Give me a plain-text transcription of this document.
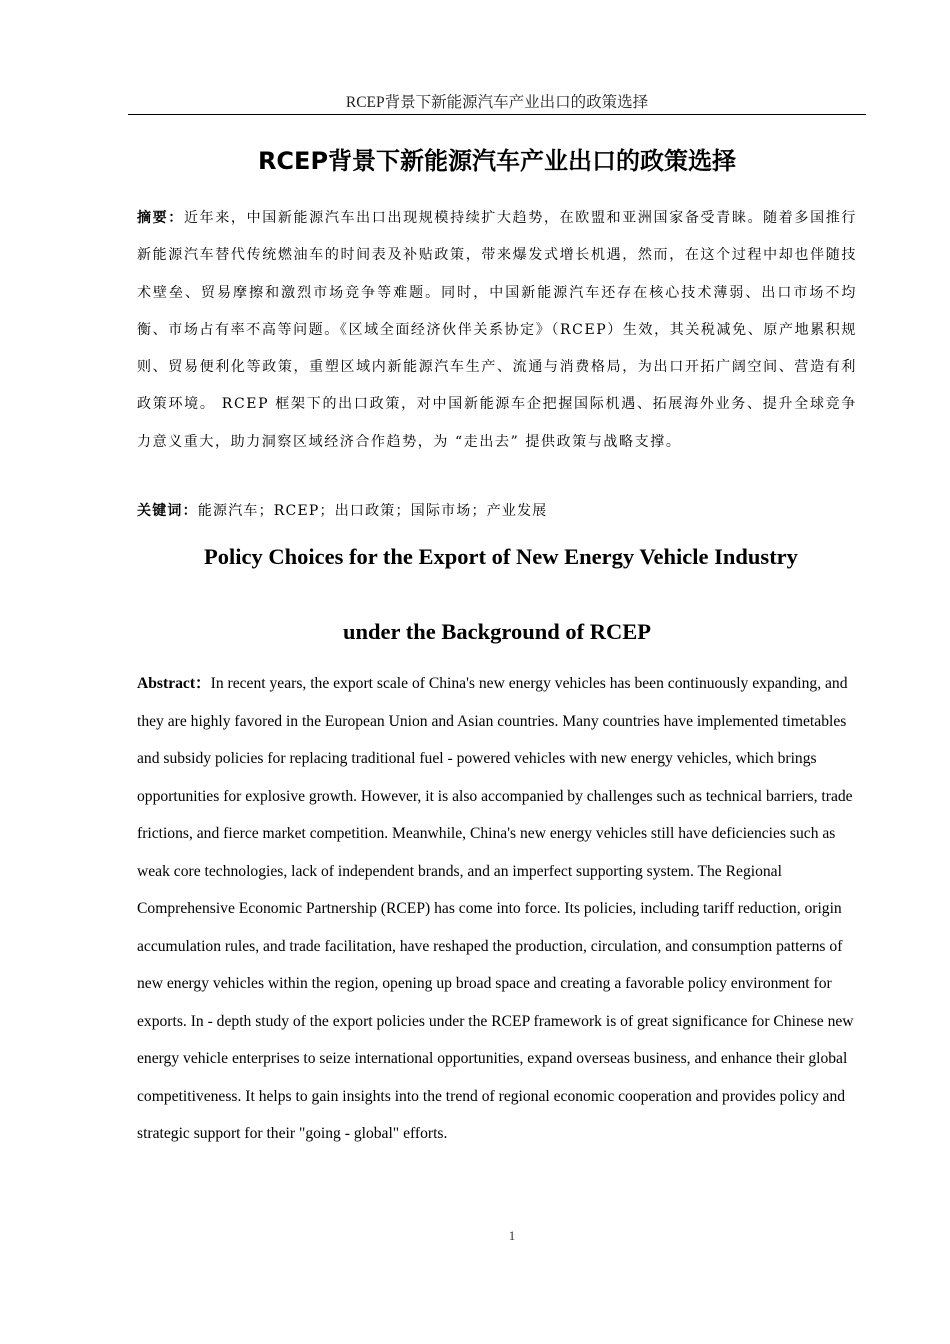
RCEP背景下新能源汽车产业出口的政策选择
RCEP背景下新能源汽车产业出口的政策选择

摘要：近年来，中国新能源汽车出口出现规模持续扩大趋势，在欧盟和亚洲国家备受青睐。随着多国推行新能源汽车替代传统燃油车的时间表及补贴政策，带来爆发式增长机遇，然而，在这个过程中却也伴随技术壁垒、贸易摩擦和激烈市场竞争等难题。同时，中国新能源汽车还存在核心技术薄弱、出口市场不均衡、市场占有率不高等问题。《区域全面经济伙伴关系协定》（RCEP）生效，其关税减免、原产地累积规则、贸易便利化等政策，重塑区域内新能源汽车生产、流通与消费格局，为出口开拓广阔空间、营造有利政策环境。 RCEP 框架下的出口政策，对中国新能源车企把握国际机遇、拓展海外业务、提升全球竞争力意义重大，助力洞察区域经济合作趋势，为 “走出去” 提供政策与战略支撑。

关键词：能源汽车；RCEP；出口政策；国际市场；产业发展

Policy Choices for the Export of New Energy Vehicle Industry
under the Background of RCEP

Abstract：In recent years, the export scale of China's new energy vehicles has been continuously expanding, and they are highly favored in the European Union and Asian countries. Many countries have implemented timetables and subsidy policies for replacing traditional fuel - powered vehicles with new energy vehicles, which brings opportunities for explosive growth. However, it is also accompanied by challenges such as technical barriers, trade frictions, and fierce market competition. Meanwhile, China's new energy vehicles still have deficiencies such as weak core technologies, lack of independent brands, and an imperfect supporting system. The Regional Comprehensive Economic Partnership (RCEP) has come into force. Its policies, including tariff reduction, origin accumulation rules, and trade facilitation, have reshaped the production, circulation, and consumption patterns of new energy vehicles within the region, opening up broad space and creating a favorable policy environment for exports. In - depth study of the export policies under the RCEP framework is of great significance for Chinese new energy vehicle enterprises to seize international opportunities, expand overseas business, and enhance their global competitiveness. It helps to gain insights into the trend of regional economic cooperation and provides policy and strategic support for their "going - global" efforts.

1
